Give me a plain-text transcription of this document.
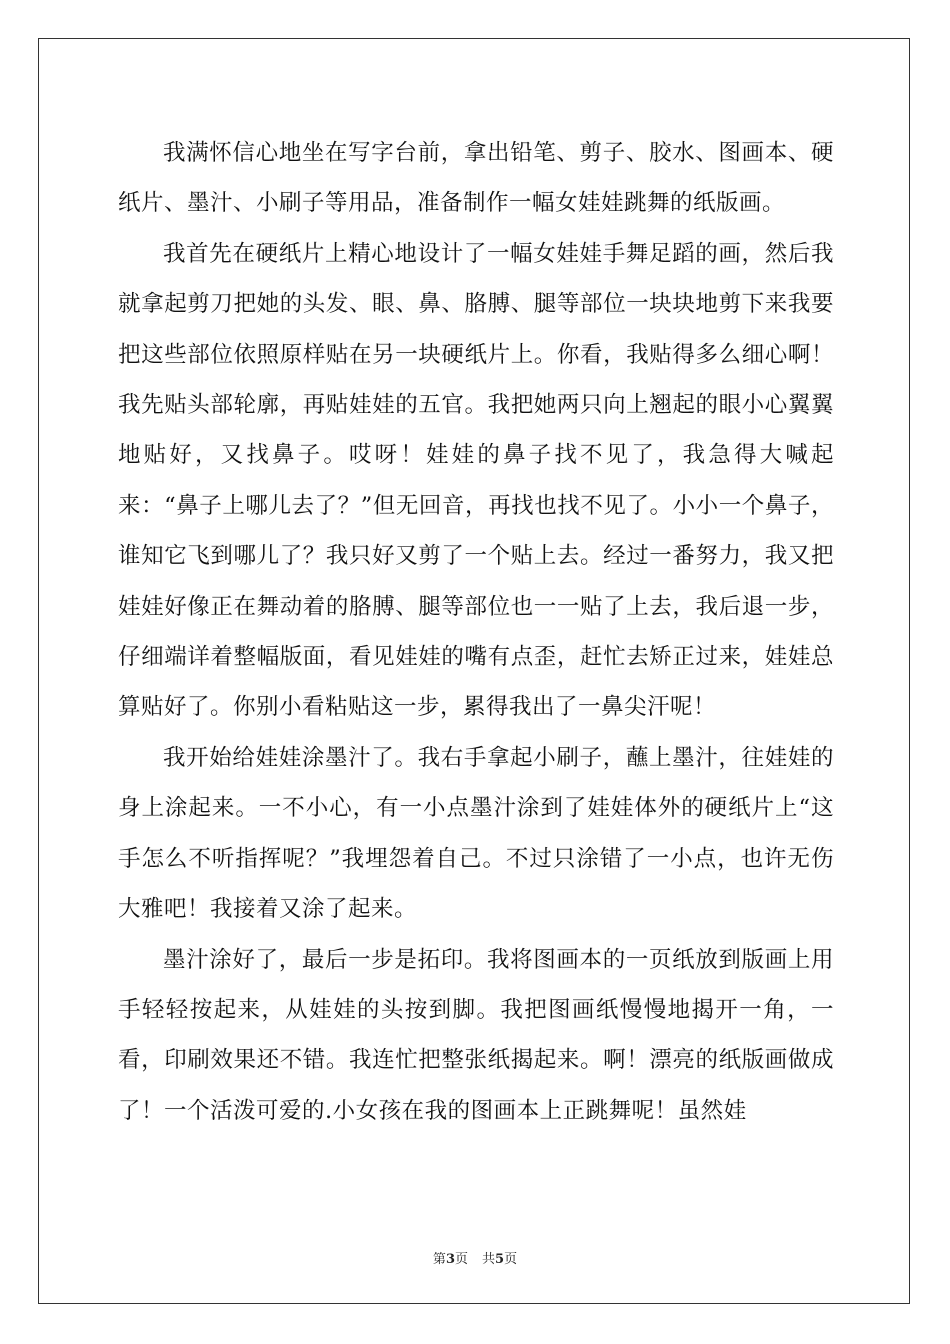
我满怀信心地坐在写字台前，拿出铅笔、剪子、胶水、图画本、硬纸片、墨汁、小刷子等用品，准备制作一幅女娃娃跳舞的纸版画。

我首先在硬纸片上精心地设计了一幅女娃娃手舞足蹈的画，然后我就拿起剪刀把她的头发、眼、鼻、胳膊、腿等部位一块块地剪下来我要把这些部位依照原样贴在另一块硬纸片上。你看，我贴得多么细心啊！我先贴头部轮廓，再贴娃娃的五官。我把她两只向上翘起的眼小心翼翼地贴好，又找鼻子。哎呀！娃娃的鼻子找不见了，我急得大喊起来：“鼻子上哪儿去了？”但无回音，再找也找不见了。小小一个鼻子，谁知它飞到哪儿了？我只好又剪了一个贴上去。经过一番努力，我又把娃娃好像正在舞动着的胳膊、腿等部位也一一贴了上去，我后退一步，仔细端详着整幅版面，看见娃娃的嘴有点歪，赶忙去矫正过来，娃娃总算贴好了。你别小看粘贴这一步，累得我出了一鼻尖汗呢！

我开始给娃娃涂墨汁了。我右手拿起小刷子，蘸上墨汁，往娃娃的身上涂起来。一不小心，有一小点墨汁涂到了娃娃体外的硬纸片上“这手怎么不听指挥呢？”我埋怨着自己。不过只涂错了一小点，也许无伤大雅吧！我接着又涂了起来。

墨汁涂好了，最后一步是拓印。我将图画本的一页纸放到版画上用手轻轻按起来，从娃娃的头按到脚。我把图画纸慢慢地揭开一角，一看，印刷效果还不错。我连忙把整张纸揭起来。啊！漂亮的纸版画做成了！一个活泼可爱的.小女孩在我的图画本上正跳舞呢！虽然娃

第3页 共5页
